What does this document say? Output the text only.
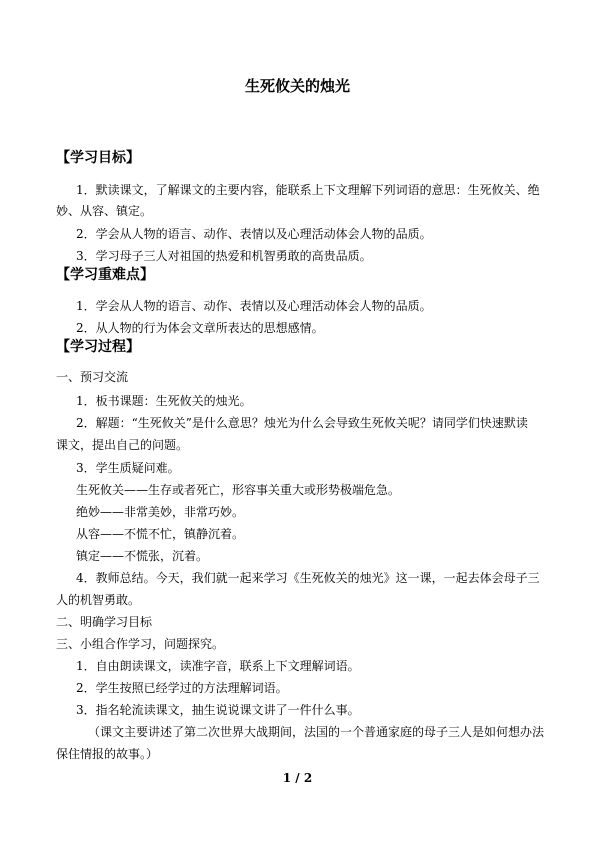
生死攸关的烛光
【学习目标】
1．默读课文，了解课文的主要内容，能联系上下文理解下列词语的意思：生死攸关、绝
妙、从容、镇定。
2．学会从人物的语言、动作、表情以及心理活动体会人物的品质。
3．学习母子三人对祖国的热爱和机智勇敢的高贵品质。
【学习重难点】
1．学会从人物的语言、动作、表情以及心理活动体会人物的品质。
2．从人物的行为体会文章所表达的思想感情。
【学习过程】
一、预习交流
1．板书课题：生死攸关的烛光。
2．解题：“生死攸关”是什么意思？烛光为什么会导致生死攸关呢？请同学们快速默读
课文，提出自己的问题。
3．学生质疑问难。
生死攸关——生存或者死亡，形容事关重大或形势极端危急。
绝妙——非常美妙，非常巧妙。
从容——不慌不忙，镇静沉着。
镇定——不慌张，沉着。
4．教师总结。今天，我们就一起来学习《生死攸关的烛光》这一课，一起去体会母子三
人的机智勇敢。
二、明确学习目标
三、小组合作学习，问题探究。
1．自由朗读课文，读准字音，联系上下文理解词语。
2．学生按照已经学过的方法理解词语。
3．指名轮流读课文，抽生说说课文讲了一件什么事。
（课文主要讲述了第二次世界大战期间，法国的一个普通家庭的母子三人是如何想办法
保住情报的故事。）
1 / 2
